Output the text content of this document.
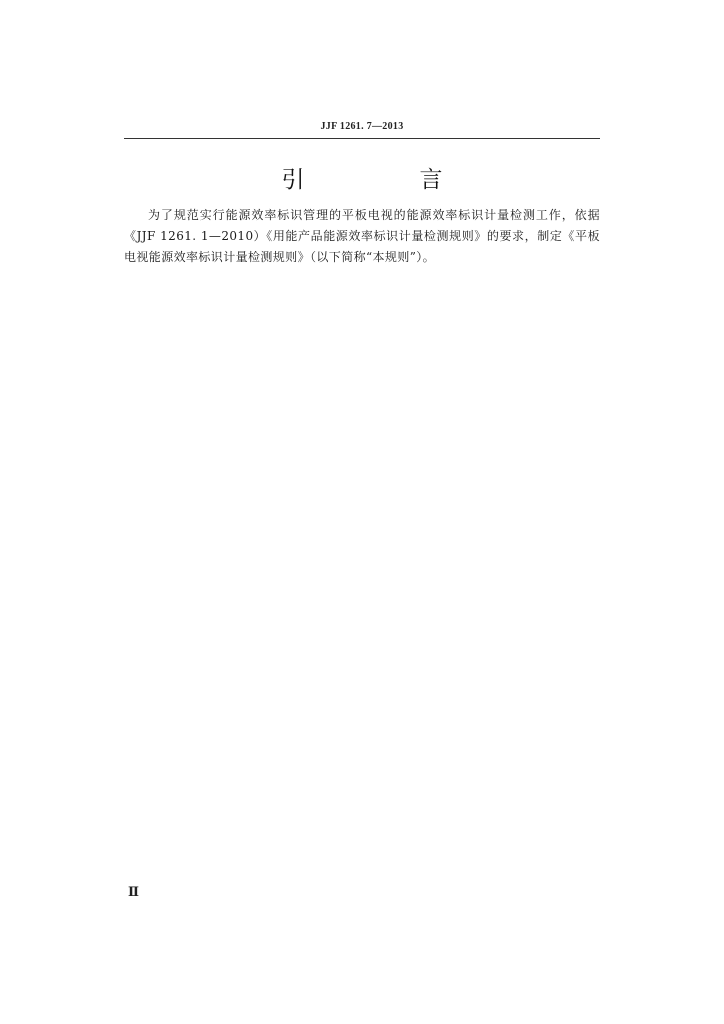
JJF 1261. 7—2013
引　言

为了规范实行能源效率标识管理的平板电视的能源效率标识计量检测工作，依据《JJF 1261. 1—2010）《用能产品能源效率标识计量检测规则》的要求，制定《平板电视能源效率标识计量检测规则》（以下简称“本规则”）。

Ⅱ
